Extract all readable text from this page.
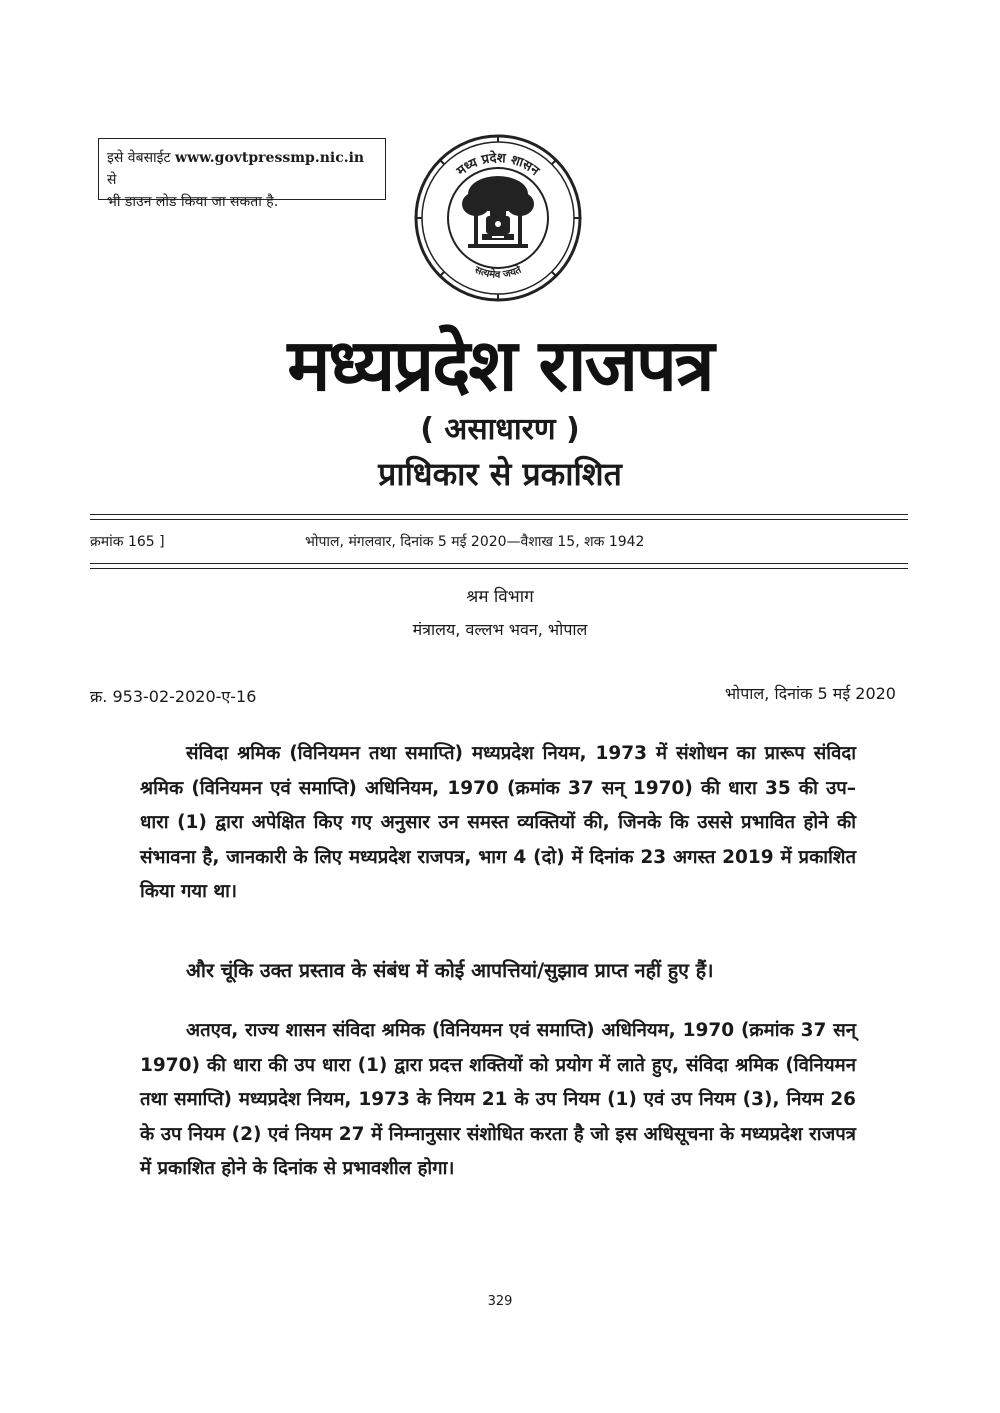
इसे वेबसाईट www.govtpressmp.nic.in से
भी डाउन लोड किया जा सकता है.
मध्य प्रदेश शासन
सत्यमेव जयते
मध्यप्रदेश राजपत्र
( असाधारण )
प्राधिकार से प्रकाशित
क्रमांक 165 ]	भोपाल, मंगलवार, दिनांक 5 मई 2020—वैशाख 15, शक 1942
श्रम विभाग
मंत्रालय, वल्लभ भवन, भोपाल
क्र. 953-02-2020-ए-16	भोपाल, दिनांक 5 मई 2020

संविदा श्रमिक (विनियमन तथा समाप्ति) मध्यप्रदेश नियम, 1973 में संशोधन का प्रारूप संविदा श्रमिक (विनियमन एवं समाप्ति) अधिनियम, 1970 (क्रमांक 37 सन् 1970) की धारा 35 की उप–धारा (1) द्वारा अपेक्षित किए गए अनुसार उन समस्त व्यक्तियों की, जिनके कि उससे प्रभावित होने की संभावना है, जानकारी के लिए मध्यप्रदेश राजपत्र, भाग 4 (दो) में दिनांक 23 अगस्त 2019 में प्रकाशित किया गया था।

और चूंकि उक्त प्रस्ताव के संबंध में कोई आपत्तियां/सुझाव प्राप्त नहीं हुए हैं।

अतएव, राज्य शासन संविदा श्रमिक (विनियमन एवं समाप्ति) अधिनियम, 1970 (क्रमांक 37 सन् 1970) की धारा की उप धारा (1) द्वारा प्रदत्त शक्तियों को प्रयोग में लाते हुए, संविदा श्रमिक (विनियमन तथा समाप्ति) मध्यप्रदेश नियम, 1973 के नियम 21 के उप नियम (1) एवं उप नियम (3), नियम 26 के उप नियम (2) एवं नियम 27 में निम्नानुसार संशोधित करता है जो इस अधिसूचना के मध्यप्रदेश राजपत्र में प्रकाशित होने के दिनांक से प्रभावशील होगा।

329
